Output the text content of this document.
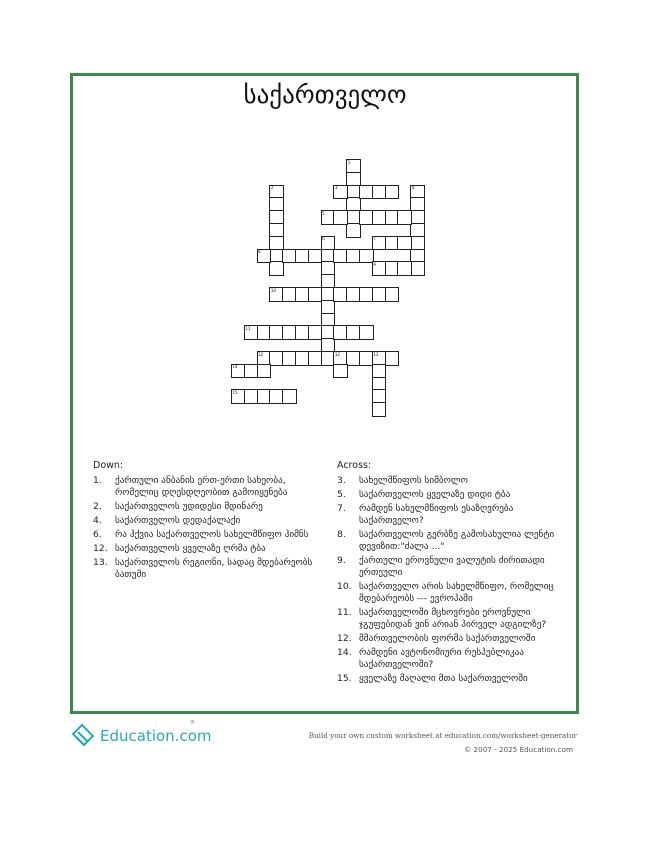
საქართველო
1
2	3	4
5
6	7
8
9
10
11
12	12	13
14
15
Down:
1.	ქართული ანბანის ერთ-ერთი სახეობა, რომელიც დღესდღეობით გამოიყენება
2.	საქართველოს უდიდესი მდინარე
4.	საქართველოს დედაქალაქი
6.	რა ჰქვია საქართველოს სახელმწიფო ჰიმნს
12. საქართველოს ყველაზე ღრმა ტბა
13. საქართველოს რეგიონი, სადაც მდებარეობს ბათუმი
Across:
3.	სახელმწიფოს სიმბოლო
5.	საქართველოს ყველაზე დიდი ტბა
7.	რამდენ სახელმწიფოს ესაზღვრება საქართველო?
8.	საქართველოს გერბზე გამოსახულია ლენტი დევიზით:"ძალა ..."
9.	ქართული ეროვნული ვალუტის ძირითადი ერთეული
10. საქართველო არის სახელმწიფო, რომელიც მდებარეობს --- ევროპაში
11. საქართველოში მცხოვრები ეროვნული ჯგუფებიდან ვინ არიან პირველ ადგილზე?
12. მმართველობის ფორმა საქართველოში
14. რამდენი ავტონომიური რესპუბლიკაა საქართველოში?
15. ყველაზე მაღალი მთა საქართველოში
Education.com
®
Build your own custom worksheet at education.com/worksheet-generator
© 2007 - 2025 Education.com
